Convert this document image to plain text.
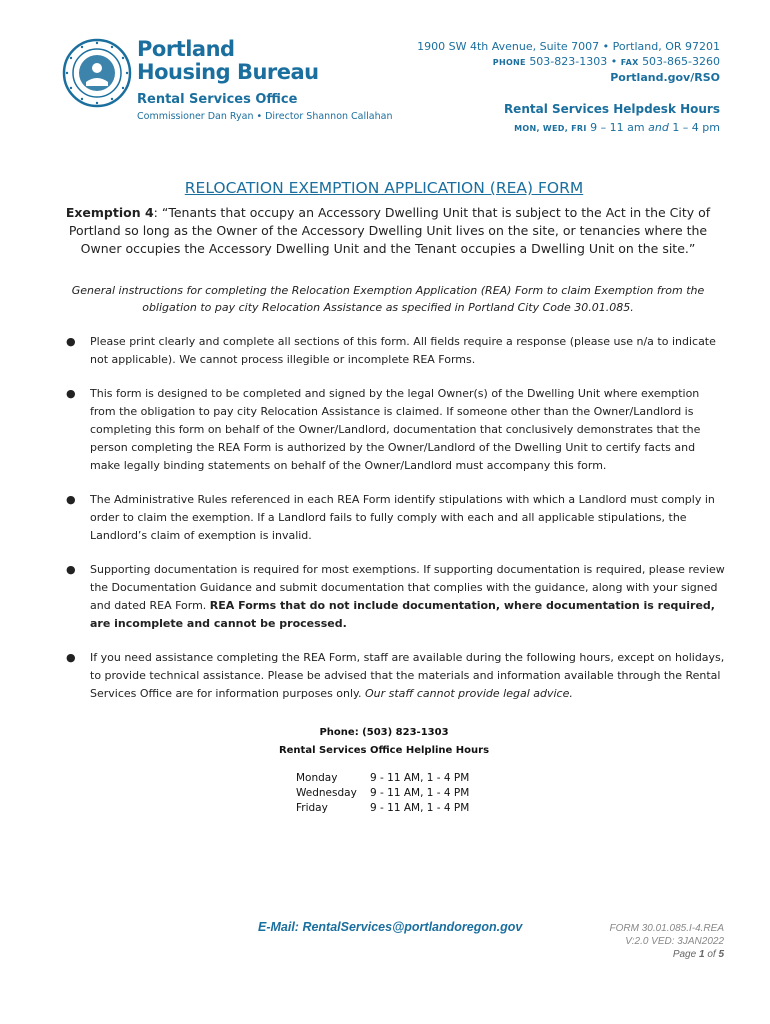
Portland
Housing Bureau
Rental Services Office
Commissioner Dan Ryan • Director Shannon Callahan
1900 SW 4th Avenue, Suite 7007 • Portland, OR 97201
PHONE 503-823-1303 • FAX 503-865-3260
Portland.gov/RSO
Rental Services Helpdesk Hours
MON, WED, FRI 9 – 11 am and 1 – 4 pm
RELOCATION EXEMPTION APPLICATION (REA) FORM
Exemption 4: “Tenants that occupy an Accessory Dwelling Unit that is subject to the Act in the City of Portland so long as the Owner of the Accessory Dwelling Unit lives on the site, or tenancies where the Owner occupies the Accessory Dwelling Unit and the Tenant occupies a Dwelling Unit on the site.”
General instructions for completing the Relocation Exemption Application (REA) Form to claim Exemption from the obligation to pay city Relocation Assistance as specified in Portland City Code 30.01.085.
● Please print clearly and complete all sections of this form. All fields require a response (please use n/a to indicate not applicable). We cannot process illegible or incomplete REA Forms.
● This form is designed to be completed and signed by the legal Owner(s) of the Dwelling Unit where exemption from the obligation to pay city Relocation Assistance is claimed. If someone other than the Owner/Landlord is completing this form on behalf of the Owner/Landlord, documentation that conclusively demonstrates that the person completing the REA Form is authorized by the Owner/Landlord of the Dwelling Unit to certify facts and make legally binding statements on behalf of the Owner/Landlord must accompany this form.
● The Administrative Rules referenced in each REA Form identify stipulations with which a Landlord must comply in order to claim the exemption. If a Landlord fails to fully comply with each and all applicable stipulations, the Landlord’s claim of exemption is invalid.
● Supporting documentation is required for most exemptions. If supporting documentation is required, please review the Documentation Guidance and submit documentation that complies with the guidance, along with your signed and dated REA Form. REA Forms that do not include documentation, where documentation is required, are incomplete and cannot be processed.
● If you need assistance completing the REA Form, staff are available during the following hours, except on holidays, to provide technical assistance. Please be advised that the materials and information available through the Rental Services Office are for information purposes only. Our staff cannot provide legal advice.
Phone: (503) 823-1303
Rental Services Office Helpline Hours
Monday	9 - 11 AM, 1 - 4 PM
Wednesday	9 - 11 AM, 1 - 4 PM
Friday	9 - 11 AM, 1 - 4 PM
E-Mail: RentalServices@portlandoregon.gov	FORM 30.01.085.I-4.REA
V:2.0 VED: 3JAN2022
Page 1 of 5
